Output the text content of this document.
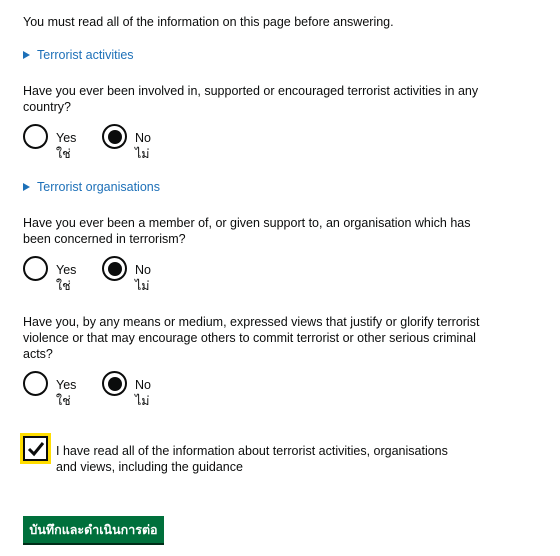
You must read all of the information on this page before answering.
Terrorist activities
Have you ever been involved in, supported or encouraged terrorist activities in any country?
Yes
ใช่
No
ไม่
Terrorist organisations
Have you ever been a member of, or given support to, an organisation which has been concerned in terrorism?
Yes
ใช่
No
ไม่
Have you, by any means or medium, expressed views that justify or glorify terrorist violence or that may encourage others to commit terrorist or other serious criminal acts?
Yes
ใช่
No
ไม่
I have read all of the information about terrorist activities, organisations and views, including the guidance
บันทึกและดำเนินการต่อ
